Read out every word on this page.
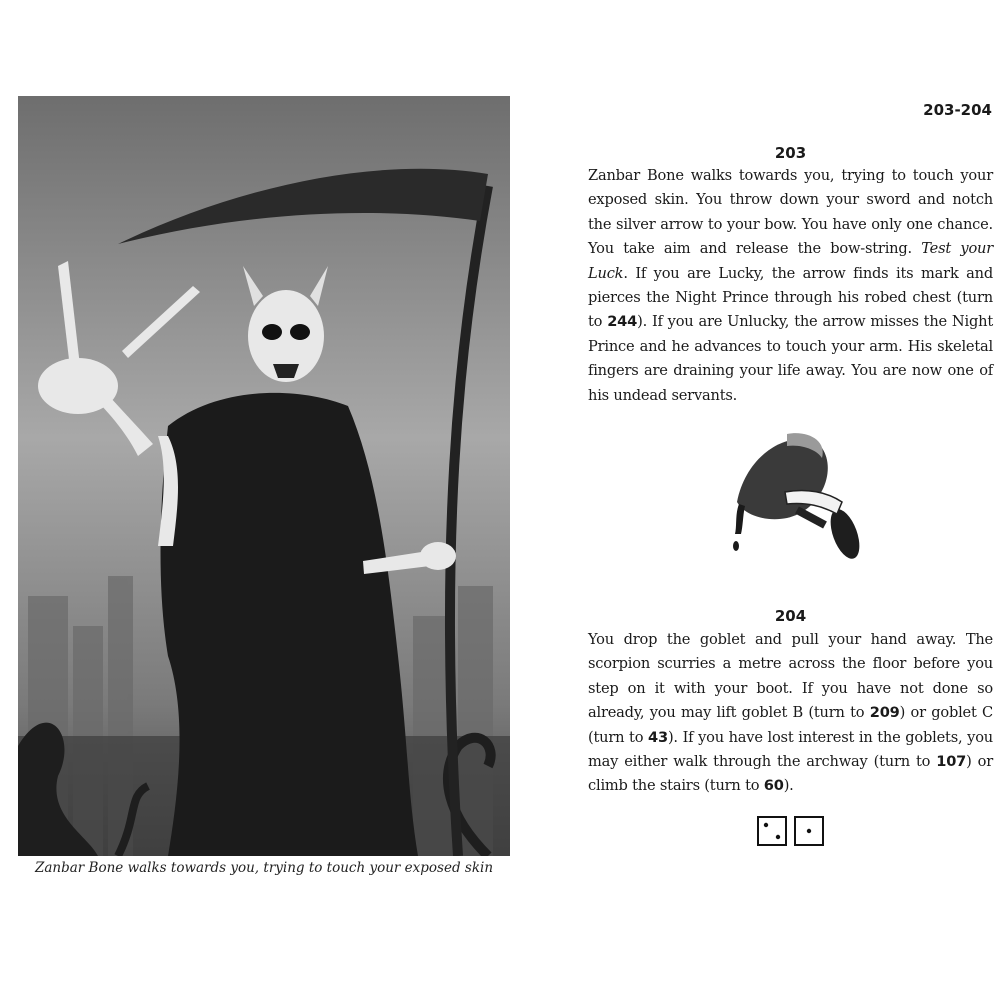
Zanbar Bone walks towards you, trying to touch your exposed skin
203-204
203
Zanbar Bone walks towards you, trying to touch your exposed skin. You throw down your sword and notch the silver arrow to your bow. You have only one chance. You take aim and release the bow-string. Test your Luck. If you are Lucky, the arrow finds its mark and pierces the Night Prince through his robed chest (turn to 244). If you are Unlucky, the arrow misses the Night Prince and he advances to touch your arm. His skeletal fingers are draining your life away. You are now one of his undead servants.
204
You drop the goblet and pull your hand away. The scorpion scurries a metre across the floor before you step on it with your boot. If you have not done so already, you may lift goblet B (turn to 209) or goblet C (turn to 43). If you have lost interest in the goblets, you may either walk through the archway (turn to 107) or climb the stairs (turn to 60).
